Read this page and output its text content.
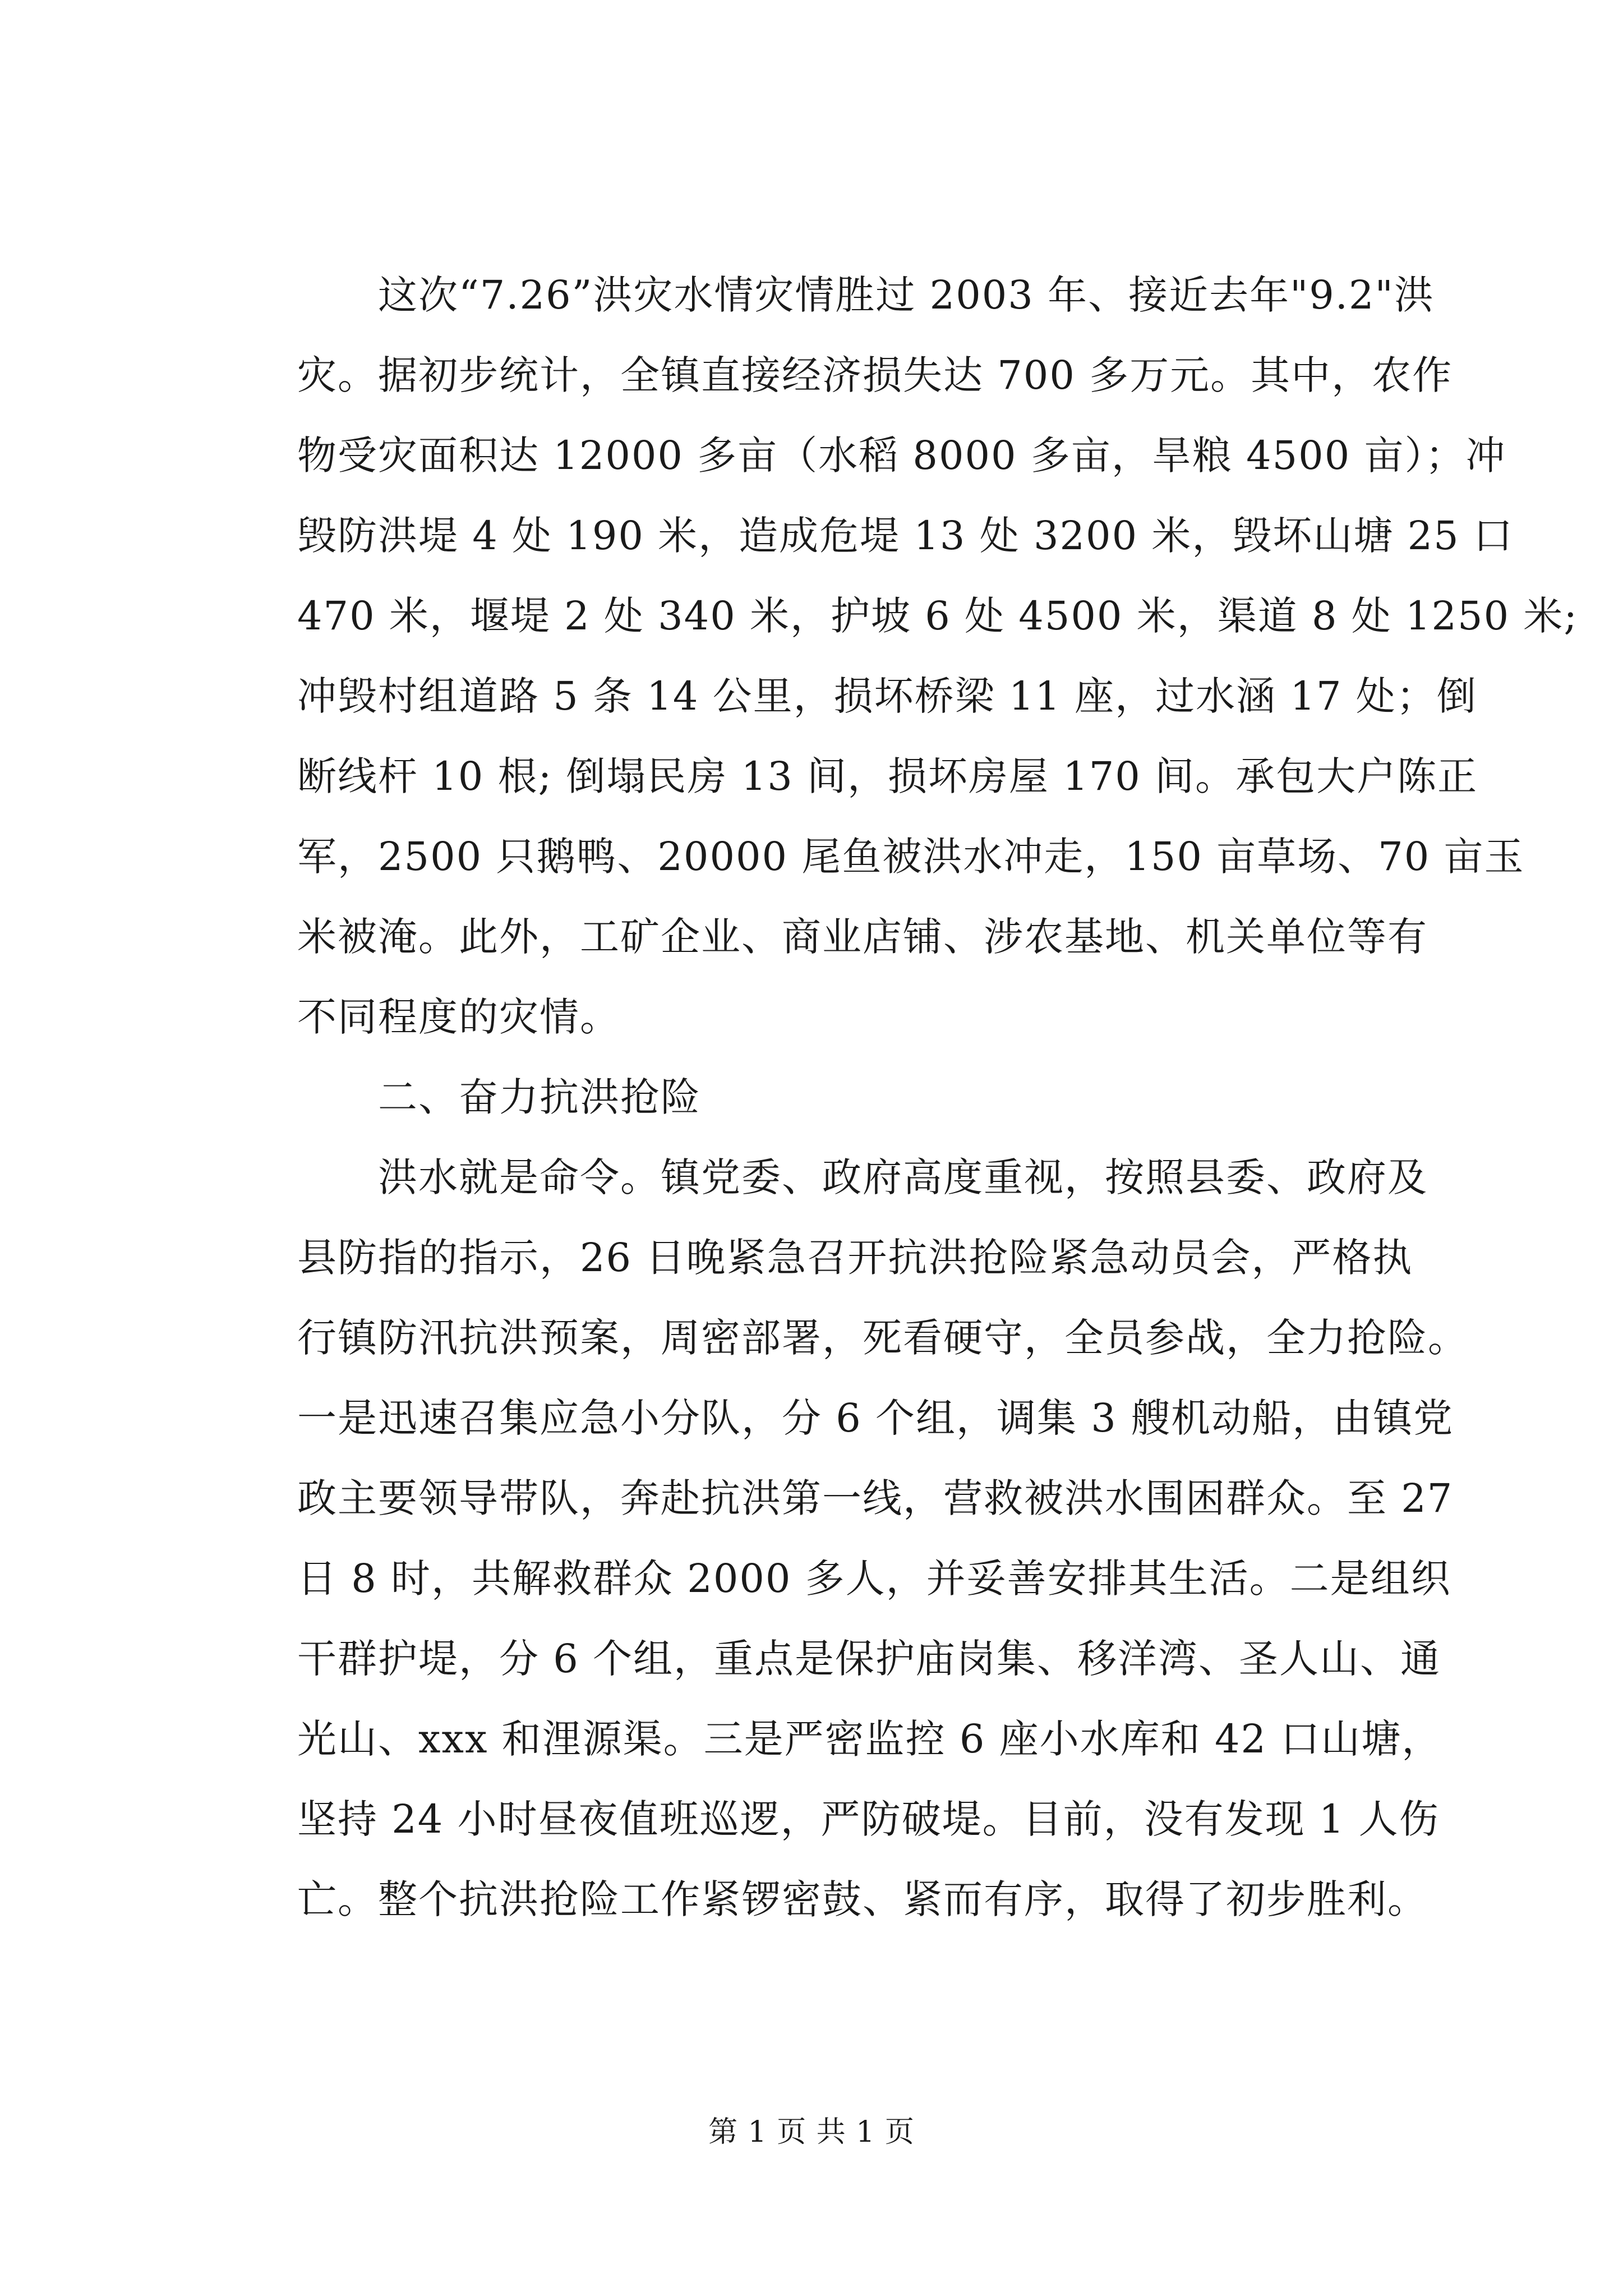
　　这次“7.26”洪灾水情灾情胜过 2003 年、接近去年"9.2"洪
灾。据初步统计，全镇直接经济损失达 700 多万元。其中，农作
物受灾面积达 12000 多亩（水稻 8000 多亩，旱粮 4500 亩）；冲
毁防洪堤 4 处 190 米，造成危堤 13 处 3200 米，毁坏山塘 25 口
470 米，堰堤 2 处 340 米，护坡 6 处 4500 米，渠道 8 处 1250 米;
冲毁村组道路 5 条 14 公里，损坏桥梁 11 座，过水涵 17 处；倒
断线杆 10 根; 倒塌民房 13 间，损坏房屋 170 间。承包大户陈正
军，2500 只鹅鸭、20000 尾鱼被洪水冲走，150 亩草场、70 亩玉
米被淹。此外，工矿企业、商业店铺、涉农基地、机关单位等有
不同程度的灾情。
　　二、奋力抗洪抢险
　　洪水就是命令。镇党委、政府高度重视，按照县委、政府及
县防指的指示，26 日晚紧急召开抗洪抢险紧急动员会，严格执
行镇防汛抗洪预案，周密部署，死看硬守，全员参战，全力抢险。
一是迅速召集应急小分队，分 6 个组，调集 3 艘机动船，由镇党
政主要领导带队，奔赴抗洪第一线，营救被洪水围困群众。至 27
日 8 时，共解救群众 2000 多人，并妥善安排其生活。二是组织
干群护堤，分 6 个组，重点是保护庙岗集、移洋湾、圣人山、通
光山、xxx 和浬源渠。三是严密监控 6 座小水库和 42 口山塘，
坚持 24 小时昼夜值班巡逻，严防破堤。目前，没有发现 1 人伤
亡。整个抗洪抢险工作紧锣密鼓、紧而有序，取得了初步胜利。
第 1 页 共 1 页
